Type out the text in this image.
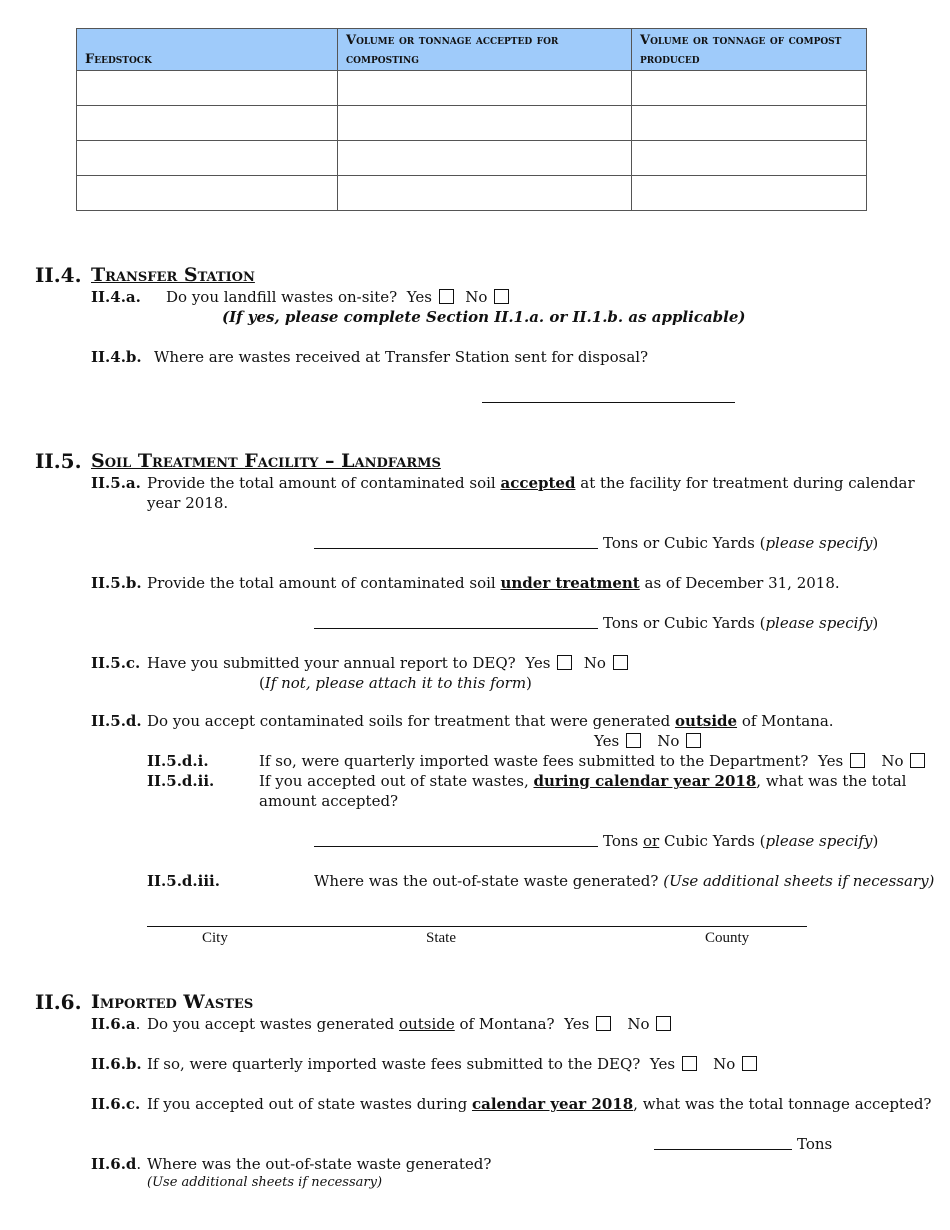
Feedstock	Volume or tonnage accepted for composting	Volume or tonnage of compost produced

II.4. Transfer Station
II.4.a. Do you landfill wastes on-site? Yes No
(If yes, please complete Section II.1.a. or II.1.b. as applicable)
II.4.b. Where are wastes received at Transfer Station sent for disposal?
II.5. Soil Treatment Facility – Landfarms
II.5.a. Provide the total amount of contaminated soil accepted at the facility for treatment during calendar
year 2018.
Tons or Cubic Yards (please specify)
II.5.b. Provide the total amount of contaminated soil under treatment as of December 31, 2018.
Tons or Cubic Yards (please specify)
II.5.c. Have you submitted your annual report to DEQ? Yes No
(If not, please attach it to this form)
II.5.d. Do you accept contaminated soils for treatment that were generated outside of Montana.
Yes	No
II.5.d.i.	If so, were quarterly imported waste fees submitted to the Department? Yes	No
II.5.d.ii.	If you accepted out of state wastes, during calendar year 2018, what was the total
amount accepted?
Tons or Cubic Yards (please specify)
II.5.d.iii.	Where was the out-of-state waste generated? (Use additional sheets if necessary)
City	State	County
II.6. Imported Wastes
II.6.a. Do you accept wastes generated outside of Montana? Yes	No
II.6.b. If so, were quarterly imported waste fees submitted to the DEQ? Yes	No
II.6.c. If you accepted out of state wastes during calendar year 2018, what was the total tonnage accepted?
Tons
II.6.d. Where was the out-of-state waste generated?
(Use additional sheets if necessary)
